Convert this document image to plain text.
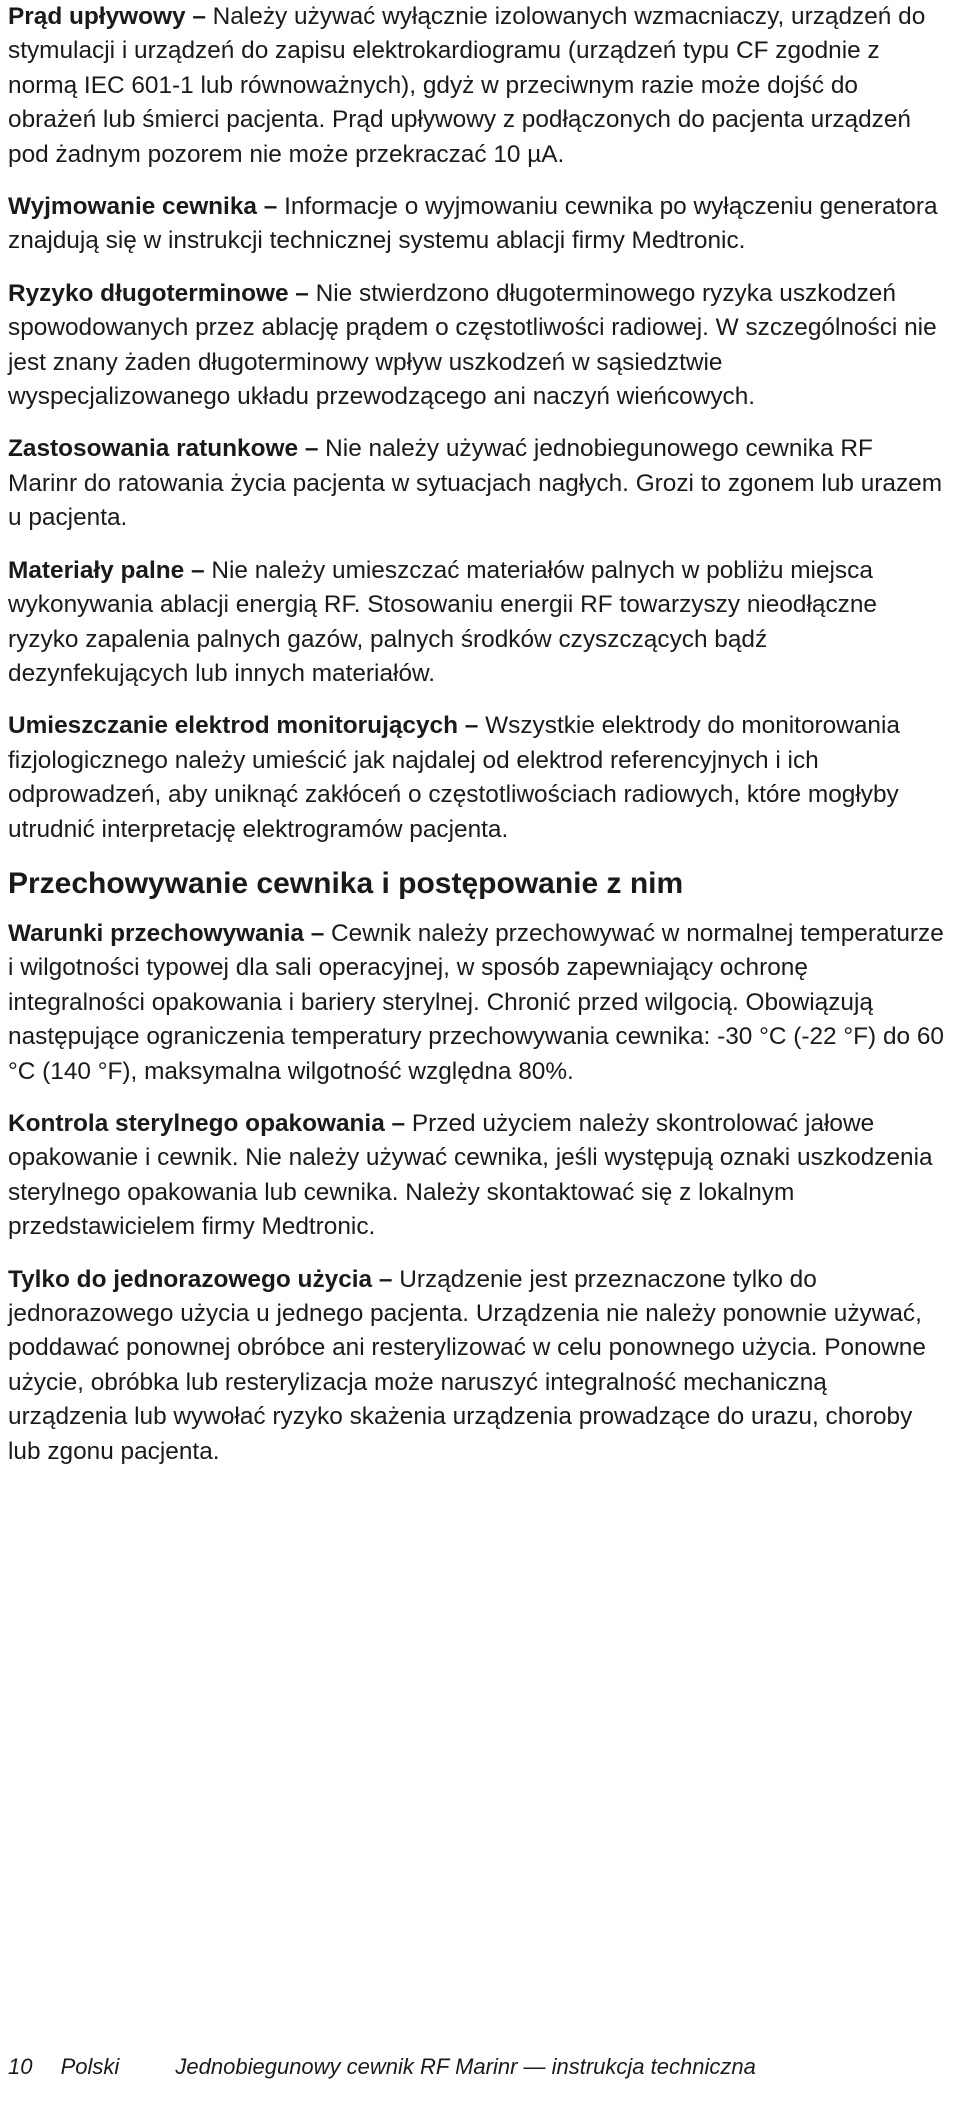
Prąd upływowy – Należy używać wyłącznie izolowanych wzmacniaczy, urządzeń do stymulacji i urządzeń do zapisu elektrokardiogramu (urządzeń typu CF zgodnie z normą IEC 601-1 lub równoważnych), gdyż w przeciwnym razie może dojść do obrażeń lub śmierci pacjenta. Prąd upływowy z podłączonych do pacjenta urządzeń pod żadnym pozorem nie może przekraczać 10 µA.

Wyjmowanie cewnika – Informacje o wyjmowaniu cewnika po wyłączeniu generatora znajdują się w instrukcji technicznej systemu ablacji firmy Medtronic.

Ryzyko długoterminowe – Nie stwierdzono długoterminowego ryzyka uszkodzeń spowodowanych przez ablację prądem o częstotliwości radiowej. W szczególności nie jest znany żaden długoterminowy wpływ uszkodzeń w sąsiedztwie wyspecjalizowanego układu przewodzącego ani naczyń wieńcowych.

Zastosowania ratunkowe – Nie należy używać jednobiegunowego cewnika RF Marinr do ratowania życia pacjenta w sytuacjach nagłych. Grozi to zgonem lub urazem u pacjenta.

Materiały palne – Nie należy umieszczać materiałów palnych w pobliżu miejsca wykonywania ablacji energią RF. Stosowaniu energii RF towarzyszy nieodłączne ryzyko zapalenia palnych gazów, palnych środków czyszczących bądź dezynfekujących lub innych materiałów.

Umieszczanie elektrod monitorujących – Wszystkie elektrody do monitorowania fizjologicznego należy umieścić jak najdalej od elektrod referencyjnych i ich odprowadzeń, aby uniknąć zakłóceń o częstotliwościach radiowych, które mogłyby utrudnić interpretację elektrogramów pacjenta.

Przechowywanie cewnika i postępowanie z nim

Warunki przechowywania – Cewnik należy przechowywać w normalnej temperaturze i wilgotności typowej dla sali operacyjnej, w sposób zapewniający ochronę integralności opakowania i bariery sterylnej. Chronić przed wilgocią. Obowiązują następujące ograniczenia temperatury przechowywania cewnika: -30 °C (-22 °F) do 60 °C (140 °F), maksymalna wilgotność względna 80%.

Kontrola sterylnego opakowania – Przed użyciem należy skontrolować jałowe opakowanie i cewnik. Nie należy używać cewnika, jeśli występują oznaki uszkodzenia sterylnego opakowania lub cewnika. Należy skontaktować się z lokalnym przedstawicielem firmy Medtronic.

Tylko do jednorazowego użycia – Urządzenie jest przeznaczone tylko do jednorazowego użycia u jednego pacjenta. Urządzenia nie należy ponownie używać, poddawać ponownej obróbce ani resterylizować w celu ponownego użycia. Ponowne użycie, obróbka lub resterylizacja może naruszyć integralność mechaniczną urządzenia lub wywołać ryzyko skażenia urządzenia prowadzące do urazu, choroby lub zgonu pacjenta.

10 Polski	Jednobiegunowy cewnik RF Marinr — instrukcja techniczna
